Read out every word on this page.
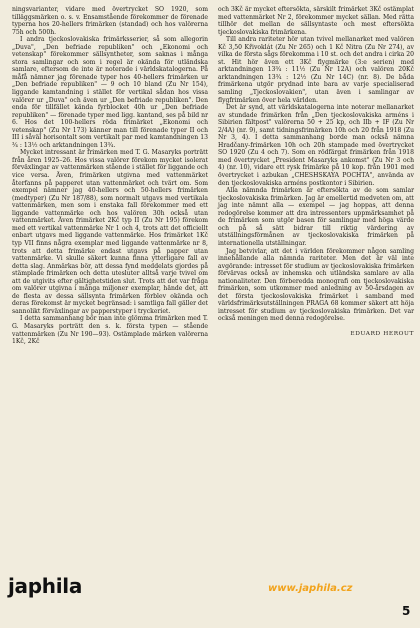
ningsvarianter, vidare med övertrycket SO 1920, som tilläggsmärken o. s. v. Ensamstående förekommer de förenade typerna hos 20-hellers frimärken (standad) och hos valörerna 75h och 500h.

I andra tjeckoslovakiska frimärksserier, så som allegorin „Duva", „Den befriade republiken" och „Ekonomi och vetenskap" förekommer sällsyntheter, som saknas i många stora samlingar och som i regel är okända för utländska samlare, eftersom de inte är noterade i världskatalogerna. På måfå nämner jag förenade typer hos 40-hellers frimärken ur „Den befriade republiken" — 9 och 10 bland (Zu Nr 154), liggande kamtandning i stället för vertikal sådan hos vissa valörer ur „Duva" och även ur „Den befriade republiken". Den enda för tillfället kända fyrblocket 40h ur „Den befriade republiken" — förenade typer med ligg. kantand, ses på bild nr 6. Hos det 100-hellers röda frimärket „Ekonomi och vetenskap" (Zu Nr 173) känner man till förenade typer II och III i såväl horisontalt som vertikalt par med kamtandningen 13 ¾ : 13½ och arktandningen 13¾.

Mycket intressant är frimärken med T. G. Masaryks porträtt från åren 1925–26. Hos vissa valörer förekom mycket isolerat förväxlingar av vattenmärken stående i stället för liggande och vice versa. Även, frimärken utgivna med vattenmärket återfanns på papperet utan vattenmärket och tvärt om. Som exempel nämner jag 40-hellers och 50-hellers frimärken (medtyper) (Zu Nr 187/88), som normalt utgavs med vertikala vattenmärken, men som i enstaka fall förekommer med ett liggande vattenmärke och hos valören 30h också utan vattenmärket. Även frimärket 2Kč typ II (Zu Nr 195) förekom med ett vertikal vattenmärke Nr 1 och 4, trots att det officiellt enbart utgavs med liggande vattenmärke. Hos frimärket 1Kč typ VII finns några exemplar med liggande vattenmärke nr 8, trots att detta frimärke endast utgavs på papper utan vattenmärke. Vi skulle säkert kunna finna ytterligare fall av detta slag. Anmärkas bör, att dessa fynd meddelats gjordes på stämplade frimärken och detta utesluter alltså varje tvivel om att de utgivits efter gältighetstiden slut. Trots att det var fråga om valörer utgivna i många miljoner exemplar, hände det, att de flesta av dessa sällsynta frimärken förblev okända och deras förekomst är mycket begränsad: i samtliga fall gäller det sannolikt förväxlingar av papperstyper i tryckeriet.

I detta sammanhang bör man inte glömma frimärken med T. G. Masaryks porträtt den s. k. första typen — stående vattenmärken (Zu Nr 190—93). Ostämplade märken valörerna 1Kč, 2Kč

och 3Kč är mycket eftersökta, särskilt frimärket 3Kč ostämplat med vattenmärket Nr 2, förekommer mycket sällan. Med rätta tillhör det mellan de sällsyntaste och mest eftersökta tjeckoslovakiska frimärkena.

Till andra rariteter hör utan tvivel mellanarket med valören Kč 3,50 Křivoklát (Zu Nr 265) och 1 Kč Nitra (Zu Nr 274), av vilka de första sågs förekomma i 10 st. och det andra i cirka 20 st. Hit hör även ett 3Kč flygmärke (3:e serien) med arktandningen 13¾ : 11½ (Zu Nr 12A) och valören 20Kč arktandningen 13¾ : 12½ (Zu Nr 14C) (nr. 8). De båda frimärkena utgör prydnad inte bara av varje specialiserad samling „Tjeckoslovakien", utan även i samlingar av flygfrimärken över hela världen.

Det är synd, att världskatalogerna inte noterar mellanarket av stundade frimärken från „Den tjeckoslovakiska arméns i Sibirien fältpost" valörerna 50 + 25 kp, och IIb + IF (Zu Nr 2/4A) (nr. 9), samt tidningsfrimärken 10h och 20 från 1918 (Zu Nr 3, 4). I detta sammanhang borde man också nämna Hradčany-frimärken 10h och 20h stampade med övertrycket SO 1920 (Zu 4 och 7). Som en rödfärgat frimärken från 1918 med övertrycket „President Masaryks ankomst" (Zu Nr 3 och 4) (nr. 10), vidare ett rysk frimärke på 10 kop. från 1901 med övertrycket i azbukan „CHESHSKAYA POCHTA", använda av den tjeckoslovakiska arméns postkontor i Sibirien.

Alla nämnda frimärken är eftersökta av de som samlar tjeckoslovakiska frimärken. Jag är emellertid medveten om, att jag inte nämnt alla — exempel — jag hoppas, att denna redogörelse kommer att dra intressenters uppmärksamhet på de frimärken som utgör basen för samlingar med höga värde och på så sätt bidrar till riktig värdering av utställningsförmånen av tjeckoslovakiska frimärken på internationella utställningar.

Jag betvivlar, att det i världen förekommer någon samling innehållande alla nämnda rariteter. Men det är väl inte avgörande: intresset för studium av tjeckoslovakiska frimärken förvärvas också av inhemska och utländska samlare av alla nationaliteter. Den förberedda monografi om tjeckoslovakiska frimärken, som utkommer med anledning av 50-årsdagen av det första tjeckoslovakiska frimärket i samband med världsfrimärksutställningen PRAGA 68 kommer säkert att höja intresset för studium av tjeckoslovakiska frimärken. Det var också meningen med denna redogörelse.

EDUARD HEROUT

japhila	www.japhila.cz
5
